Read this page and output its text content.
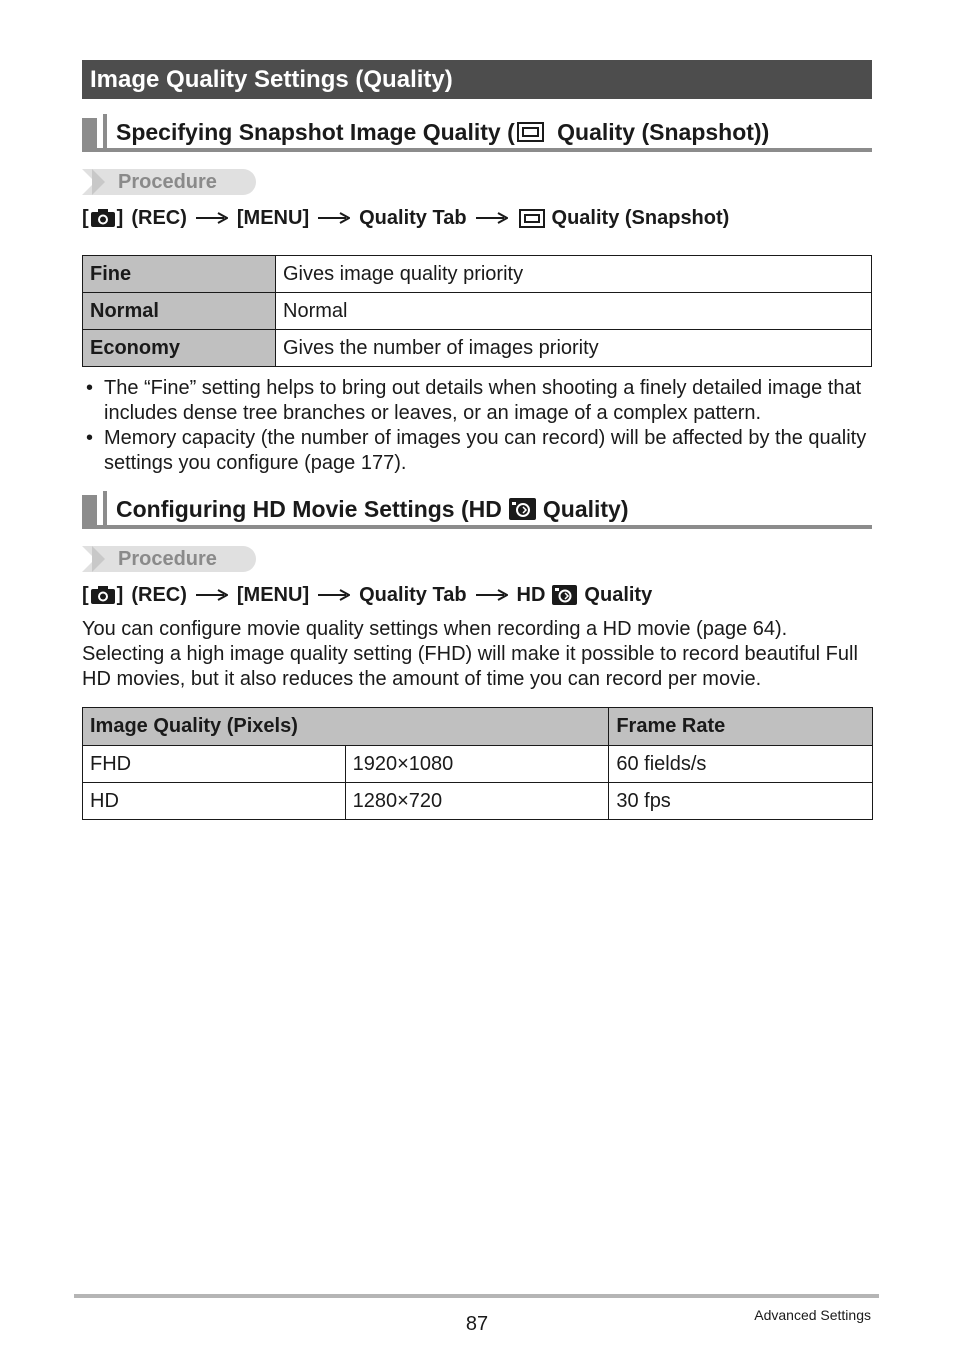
Image Quality Settings (Quality)
Specifying Snapshot Image Quality ( Quality (Snapshot))
Procedure
[ ] (REC)	[MENU]	Quality Tab	Quality (Snapshot)
Fine	Gives image quality priority
Normal	Normal
Economy	Gives the number of images priority
• The “Fine” setting helps to bring out details when shooting a finely detailed image that includes dense tree branches or leaves, or an image of a complex pattern.
• Memory capacity (the number of images you can record) will be affected by the quality settings you configure (page 177).
Configuring HD Movie Settings (HD Quality)
Procedure
[ ] (REC)	[MENU]	Quality Tab	HD Quality
You can configure movie quality settings when recording a HD movie (page 64). Selecting a high image quality setting (FHD) will make it possible to record beautiful Full HD movies, but it also reduces the amount of time you can record per movie.
Image Quality (Pixels)		Frame Rate
FHD	1920×1080	60 fields/s
HD	1280×720	30 fps
87	Advanced Settings
